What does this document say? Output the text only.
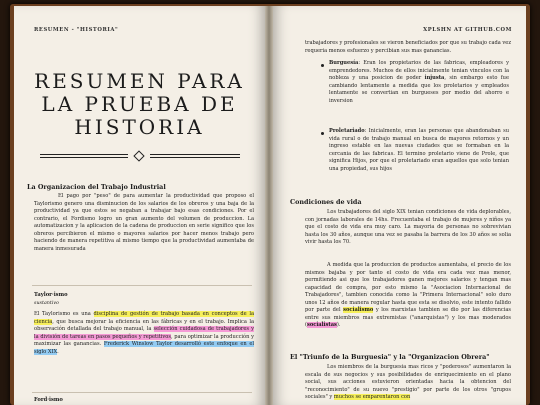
RESUMEN - "HISTORIA"
RESUMEN PARA
LA PRUEBA DE
HISTORIA
La Organizacion del Trabajo Industrial
El pago por "peso" de para aumentar la productividad que proposo el Taylorismo genero una disminucion de los salarios de los obreros y una baja de la productividad ya que estos se negaban a trabajar bajo esas condiciones. Por el contrario, el Fordismo logro un gran aumento del volumen de produccion. La automatizacion y la aplicacion de la cadena de produccion en serie significo que los obreros percibieron el mismo o mayores salarios por hacer menos trabajo pero haciendo de manera repetitiva al mismo tiempo que la productividad aumentaba de manera inmesurada
Taylor·ismo
sustantivo
El Taylorismo es una disciplina de gestión de trabajo basada en conceptos de la ciencia, que busca mejorar la eficiencia en las fábricas y en el trabajo. Implica la observación detallada del trabajo manual, la selección cuidadosa de trabajadores y la división de tareas en pasos pequeños y repetitivos, para optimizar la producción y maximizar las ganancias. Frederick Winslow Taylor desarrolló este enfoque en el siglo XIX.
Ford·ismo
XPLSHN AT GITHUB.COM
trabajadores y profesionales se vieron beneficiados por que su trabajo cada vez requeria menos esfuerzo y percibian sus mas ganancias.
Burguesía: Eran los propietarios de las fabricas, empleadores y emprendedores. Muchos de ellos inicialmente tenian vinculos con la nobleza y una posicion de poder injusta, sin embargo esto fue cambiando lentamente a medida que los proletarios y empleados lentamente se convertian en burgueses por medio del ahorro e inversion
Proletariado: Inicialmente, eran las personas que abandonaban su vida rural o de trabajo manual en busca de mayores retornos y un ingreso estable en las nuevas ciudades que se formaban en la cercania de las fabricas. El termino proletario viene de Prole, que significa Hijos, por que el proletariado eran aquellos que solo tenian una propiedad, sus hijos
Condiciones de vida
Los trabajadores del siglo XIX tenian condiciones de vida deplorables, con jornadas laborales de 14hs. Frecuentaba el trabajo de mujeres y niños ya que el costo de vida era muy caro. La mayoria de personas no sobrevivian hasta los 30 años, aunque una vez se pasaba la barrera de los 30 años se solia vivir hasta los 70.
A medida que la produccion de productos aumentaba, el precio de los mismos bajaba y por tanto el costo de vida era cada vez mas menor, permitiendo asi que los trabajadores ganen mejores salarios y tengan mas capacidad de compra, por esto mismo la "Asociacion Internacional de Trabajadores", tambien conocida como la "Primera Internacional" solo duro unos 12 años de manera regular hasta que esta se disolvio, este intento fallido por parte del socialismo y los marxistas tambien se dio por las diferencias entre sus miembros mas extremistas ("anarquistas") y los mas moderados (socialistas).
El "Triunfo de la Burguesia" y la "Organizacion Obrera"
Los miembros de la burguesia mas ricos y "poderosos" aumentaron la escala de sus negocios y sus posibilidades de enriquecimiento en el plano social, sus acciones estuvieron orientadas hacia la obtencion del "reconocimiento" de su nuevo "prestigio" por parte de los otros "grupos sociales" y muchos se emparentaron con
